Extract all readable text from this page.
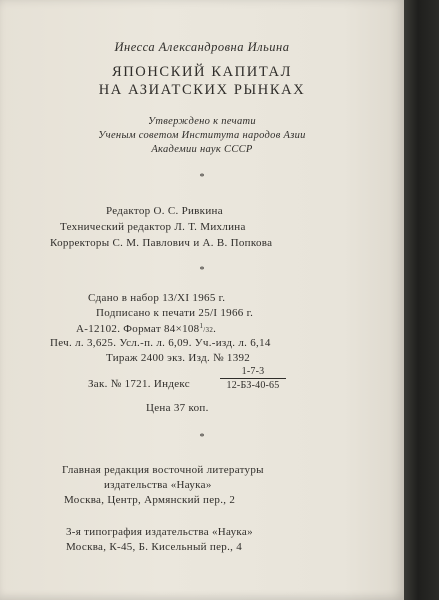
Инесса Александровна Ильина
ЯПОНСКИЙ КАПИТАЛ
НА АЗИАТСКИХ РЫНКАХ
Утверждено к печати
Ученым советом Института народов Азии
Академии наук СССР
*
Редактор О. С. Ривкина
Технический редактор Л. Т. Михлина
Корректоры С. М. Павлович и А. В. Попкова
*
Сдано в набор 13/XI 1965 г.
Подписано к печати 25/I 1966 г.
А-12102. Формат $84\times 108^1/32$.
Печ. л. 3,625. Усл.-п. л. 6,09. Уч.-изд. л. 6,14
Тираж 2400 экз. Изд. № 1392
Зак. № 1721. Индекс
1-7-3
12-БЗ-40-65
Цена 37 коп.
*
Главная редакция восточной литературы
издательства «Наука»
Москва, Центр, Армянский пер., 2
3-я типография издательства «Наука»
Москва, К-45, Б. Кисельный пер., 4
